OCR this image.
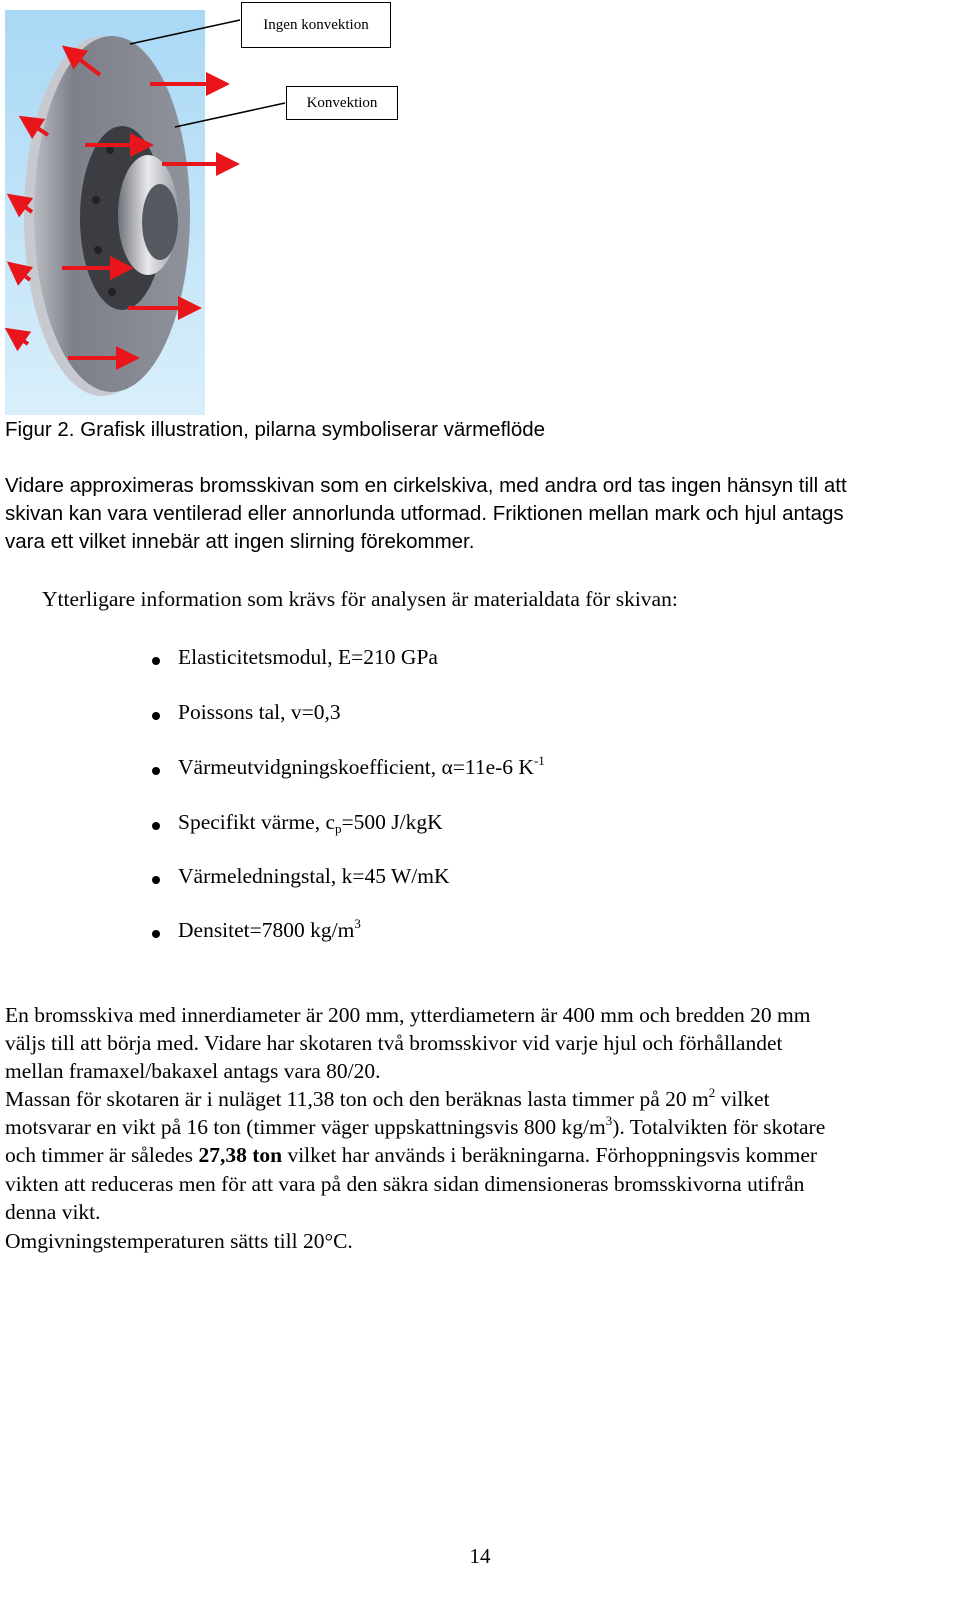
Ingen konvektion
Konvektion
Figur 2. Grafisk illustration, pilarna symboliserar värmeflöde
Vidare approximeras bromsskivan som en cirkelskiva, med andra ord tas ingen hänsyn till att
skivan kan vara ventilerad eller annorlunda utformad. Friktionen mellan mark och hjul antags
vara ett vilket innebär att ingen slirning förekommer.
Ytterligare information som krävs för analysen är materialdata för skivan:
Elasticitetsmodul, E=210 GPa
Poissons tal, v=0,3
Värmeutvidgningskoefficient, α=11e-6 $K^{-1}$
Specifikt värme, $c_p=500$ J/kgK
Värmeledningstal, k=45 W/mK
Densitet=7800 $kg/m^3$
En bromsskiva med innerdiameter är 200 mm, ytterdiametern är 400 mm och bredden 20 mm
väljs till att börja med. Vidare har skotaren två bromsskivor vid varje hjul och förhållandet
mellan framaxel/bakaxel antags vara 80/20.
Massan för skotaren är i nuläget 11,38 ton och den beräknas lasta timmer på 20 $m^2$ vilket
motsvarar en vikt på 16 ton (timmer väger uppskattningsvis 800 $kg/m^3$). Totalvikten för skotare
och timmer är således 27,38 ton vilket har används i beräkningarna. Förhoppningsvis kommer
vikten att reduceras men för att vara på den säkra sidan dimensioneras bromsskivorna utifrån
denna vikt.
Omgivningstemperaturen sätts till 20°C.
14
